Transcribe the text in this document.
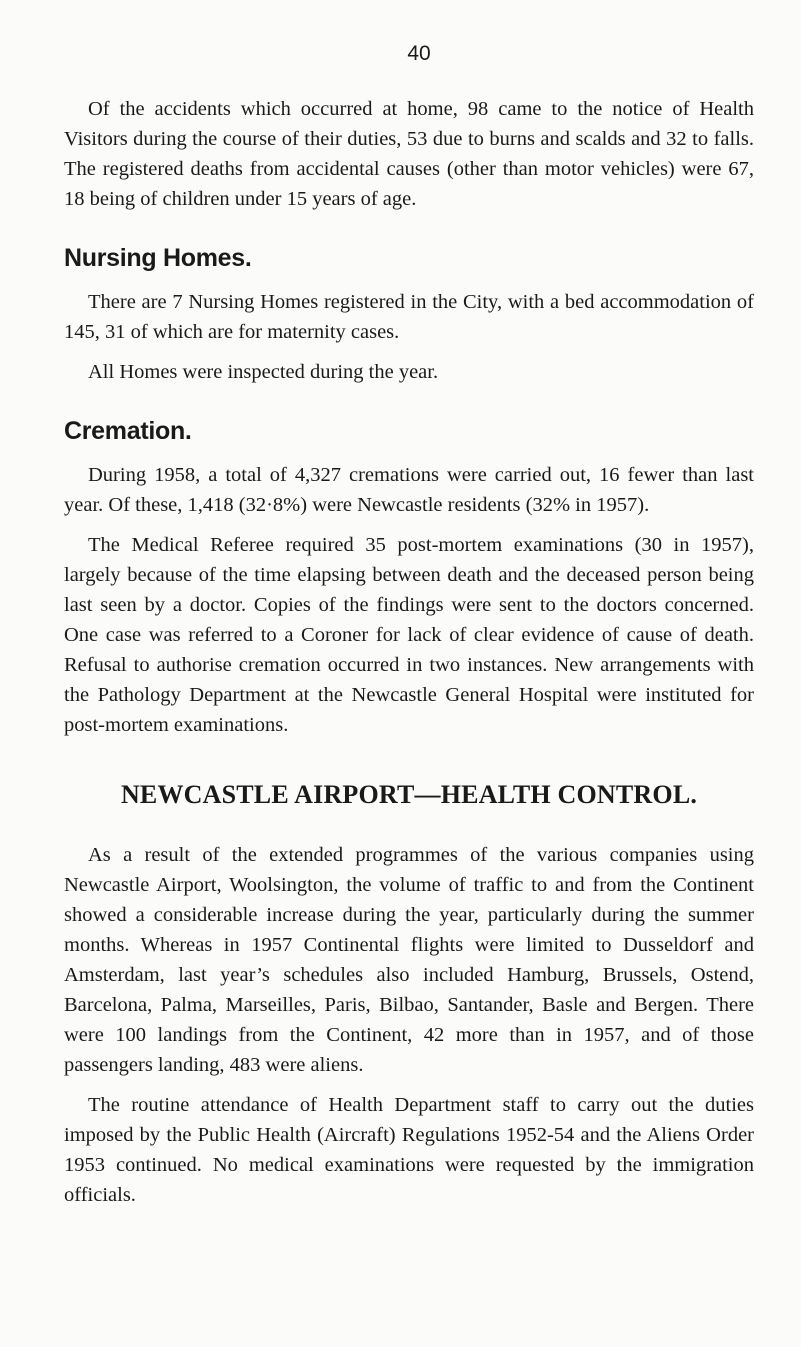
40

Of the accidents which occurred at home, 98 came to the notice of Health Visitors during the course of their duties, 53 due to burns and scalds and 32 to falls. The registered deaths from accidental causes (other than motor vehicles) were 67, 18 being of children under 15 years of age.

Nursing Homes.

There are 7 Nursing Homes registered in the City, with a bed accommodation of 145, 31 of which are for maternity cases.

All Homes were inspected during the year.

Cremation.

During 1958, a total of 4,327 cremations were carried out, 16 fewer than last year. Of these, 1,418 (32·8%) were Newcastle residents (32% in 1957).

The Medical Referee required 35 post-mortem examinations (30 in 1957), largely because of the time elapsing between death and the deceased person being last seen by a doctor. Copies of the findings were sent to the doctors concerned. One case was referred to a Coroner for lack of clear evidence of cause of death. Refusal to authorise cremation occurred in two instances. New arrangements with the Pathology Department at the Newcastle General Hospital were instituted for post-mortem examinations.

NEWCASTLE AIRPORT—HEALTH CONTROL.

As a result of the extended programmes of the various companies using Newcastle Airport, Woolsington, the volume of traffic to and from the Continent showed a considerable increase during the year, particularly during the summer months. Whereas in 1957 Continental flights were limited to Dusseldorf and Amsterdam, last year’s schedules also included Hamburg, Brussels, Ostend, Barcelona, Palma, Marseilles, Paris, Bilbao, Santander, Basle and Bergen. There were 100 landings from the Continent, 42 more than in 1957, and of those passengers landing, 483 were aliens.

The routine attendance of Health Department staff to carry out the duties imposed by the Public Health (Aircraft) Regulations 1952-54 and the Aliens Order 1953 continued. No medical examinations were requested by the immigration officials.
